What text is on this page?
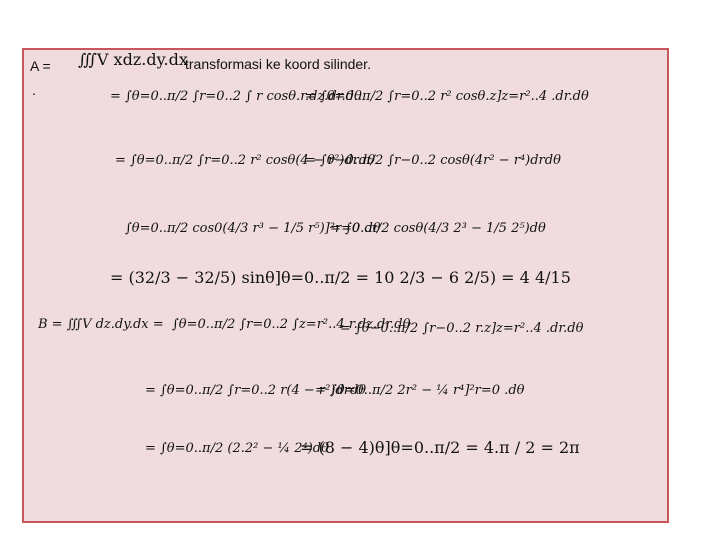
A =
.
transformasi ke koord silinder.
∭V xdz.dy.dx
= ∫θ=0..π/2 ∫r=0..2 ∫ r cosθ.r.dz.dr.dθ
= ∫θ=0..π/2 ∫r=0..2 r² cosθ.z]z=r²..4 .dr.dθ
= ∫θ=0..π/2 ∫r=0..2 r² cosθ(4 − r²)drdθ
= ∫θ−0..π/2 ∫r−0..2 cosθ(4r² − r⁴)drdθ
∫θ=0..π/2 cos0(4/3 r³ − 1/5 r⁵)]²r=0 dθ
= ∫0..π/2 cosθ(4/3 2³ − 1/5 2⁵)dθ
= (32/3 − 32/5) sinθ]θ=0..π/2 = 10 2/3 − 6 2/5) = 4 4/15
B = ∭V dz.dy.dx = ∫θ=0..π/2 ∫r=0..2 ∫z=r²..4 r.dz.dr.dθ
= ∫θ−0..π/2 ∫r−0..2 r.z]z=r²..4 .dr.dθ
= ∫θ=0..π/2 ∫r=0..2 r(4 − r²)drdθ
= ∫θ=0..π/2 2r² − ¼ r⁴]²r=0 .dθ
= ∫θ=0..π/2 (2.2² − ¼ 2⁴)dθ
= (8 − 4)θ]θ=0..π/2 = 4.π / 2 = 2π
